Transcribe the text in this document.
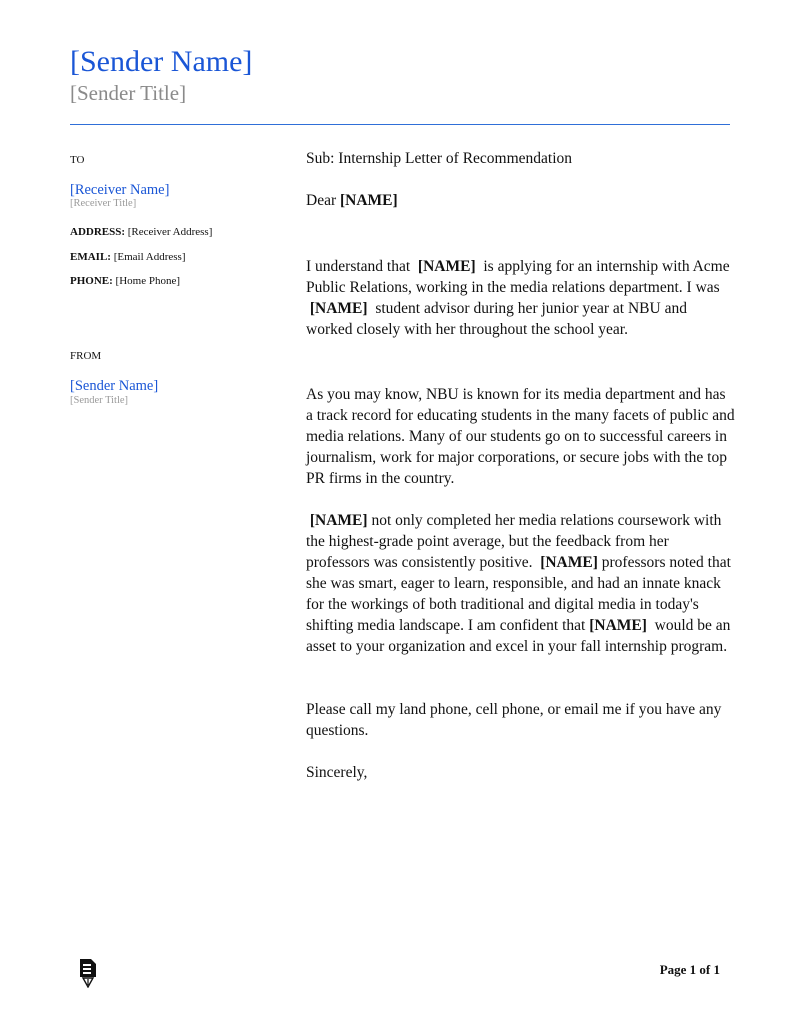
[Sender Name]
[Sender Title]
TO
[Receiver Name]
[Receiver Title]
ADDRESS: [Receiver Address]
EMAIL: [Email Address]
PHONE: [Home Phone]
FROM
[Sender Name]
[Sender Title]
Sub: Internship Letter of Recommendation
Dear [NAME]

I understand that  [NAME]  is applying for an internship with Acme Public Relations, working in the media relations department. I was  [NAME]  student advisor during her junior year at NBU and worked closely with her throughout the school year.

As you may know, NBU is known for its media department and has a track record for educating students in the many facets of public and media relations. Many of our students go on to successful careers in journalism, work for major corporations, or secure jobs with the top PR firms in the country.

[NAME] not only completed her media relations coursework with the highest-grade point average, but the feedback from her professors was consistently positive.  [NAME] professors noted that she was smart, eager to learn, responsible, and had an innate knack for the workings of both traditional and digital media in today's shifting media landscape. I am confident that [NAME]  would be an asset to your organization and excel in your fall internship program.

Please call my land phone, cell phone, or email me if you have any questions.

Sincerely,
Page 1 of 1
